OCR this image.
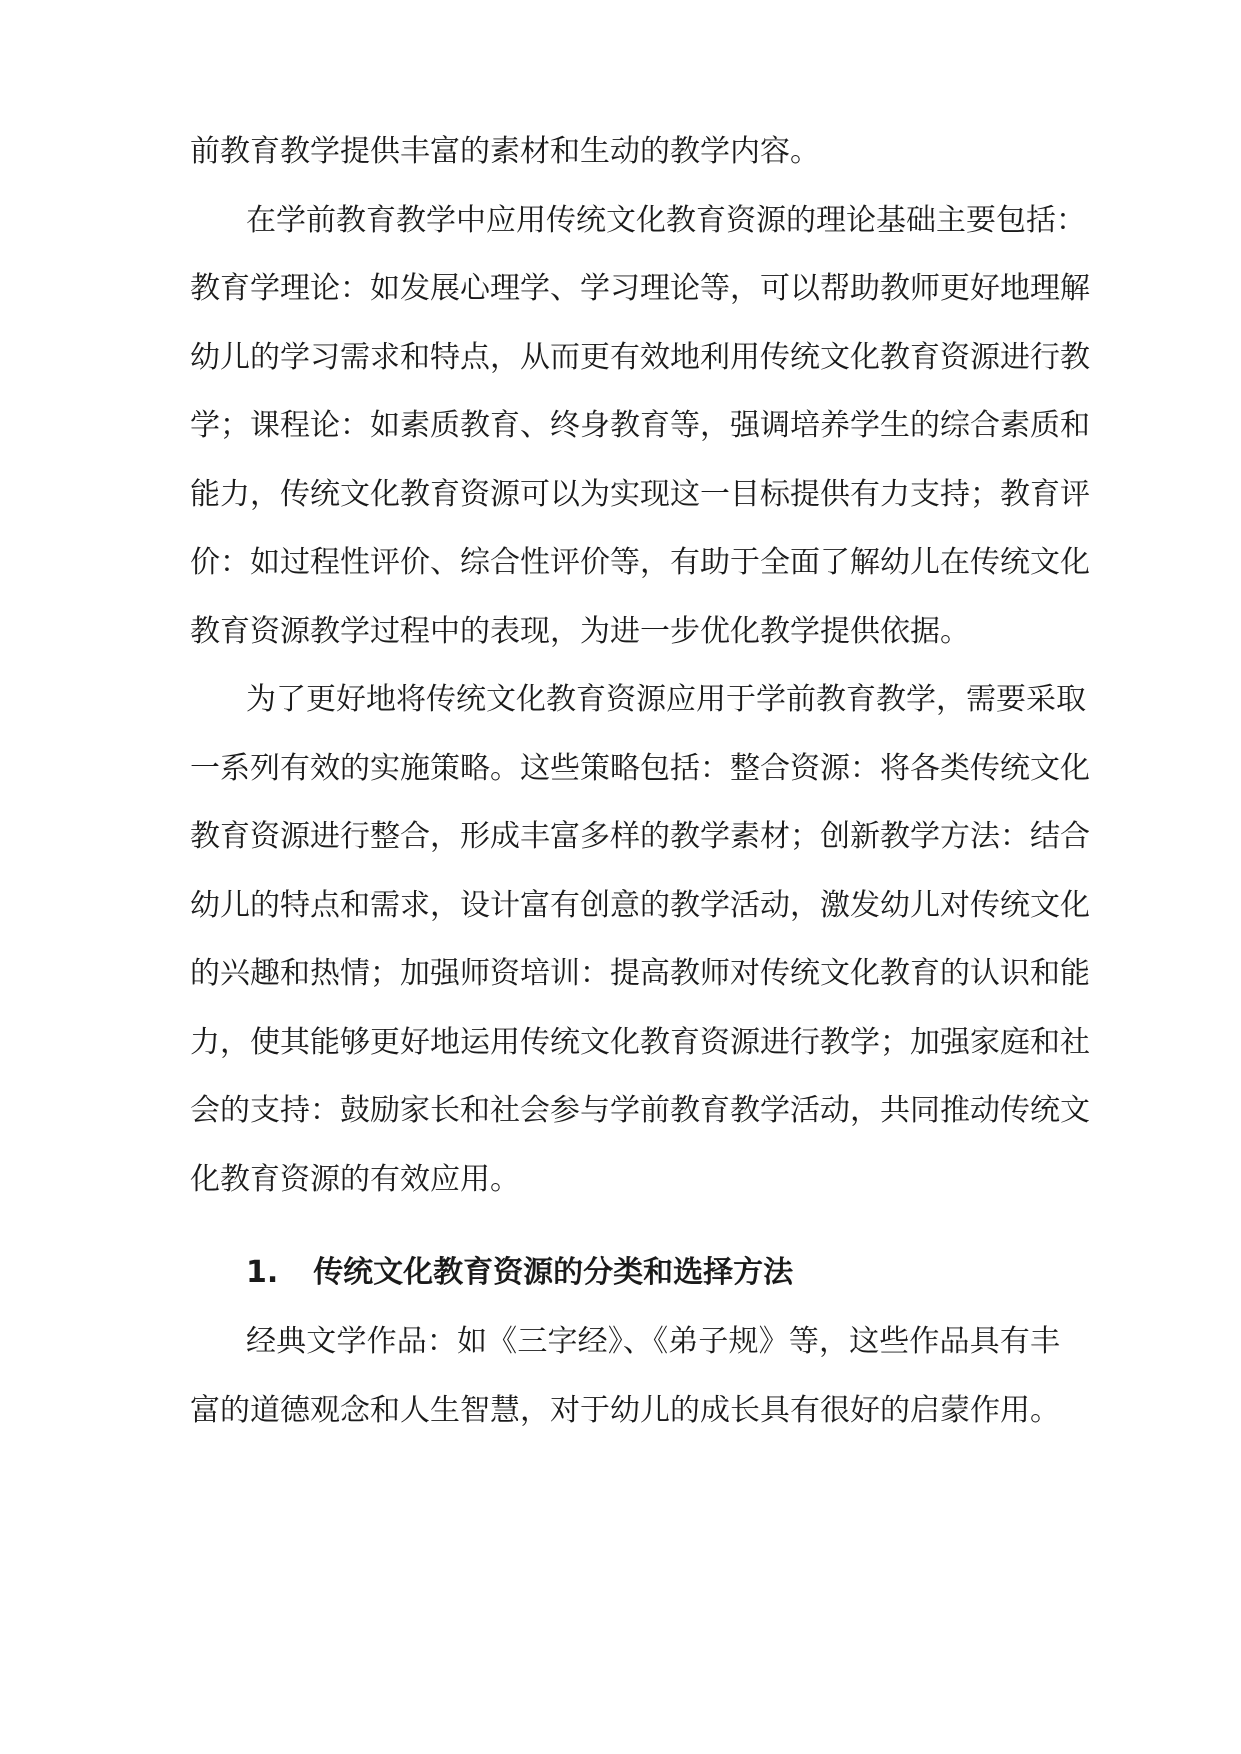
前教育教学提供丰富的素材和生动的教学内容。
在学前教育教学中应用传统文化教育资源的理论基础主要包括：
教育学理论：如发展心理学、学习理论等，可以帮助教师更好地理解
幼儿的学习需求和特点，从而更有效地利用传统文化教育资源进行教
学；课程论：如素质教育、终身教育等，强调培养学生的综合素质和
能力，传统文化教育资源可以为实现这一目标提供有力支持；教育评
价：如过程性评价、综合性评价等，有助于全面了解幼儿在传统文化
教育资源教学过程中的表现，为进一步优化教学提供依据。
为了更好地将传统文化教育资源应用于学前教育教学，需要采取
一系列有效的实施策略。这些策略包括：整合资源：将各类传统文化
教育资源进行整合，形成丰富多样的教学素材；创新教学方法：结合
幼儿的特点和需求，设计富有创意的教学活动，激发幼儿对传统文化
的兴趣和热情；加强师资培训：提高教师对传统文化教育的认识和能
力，使其能够更好地运用传统文化教育资源进行教学；加强家庭和社
会的支持：鼓励家长和社会参与学前教育教学活动，共同推动传统文
化教育资源的有效应用。
1. 传统文化教育资源的分类和选择方法
经典文学作品：如《三字经》、《弟子规》等，这些作品具有丰
富的道德观念和人生智慧，对于幼儿的成长具有很好的启蒙作用。
